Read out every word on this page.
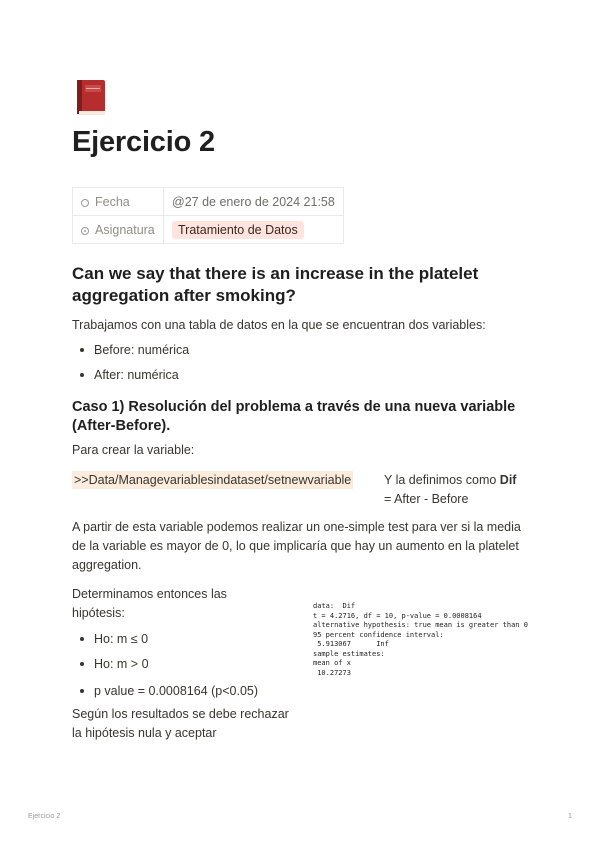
Ejercicio 2
Fecha	@27 de enero de 2024 21:58
Asignatura	Tratamiento de Datos
Can we say that there is an increase in the platelet aggregation after smoking?
Trabajamos con una tabla de datos en la que se encuentran dos variables:
Before: numérica
After: numérica
Caso 1) Resolución del problema a través de una nueva variable (After-Before).
Para crear la variable:
>>Data/Managevariablesindataset/setnewvariable	Y la definimos como Dif
= After - Before
A partir de esta variable podemos realizar un one-simple test para ver si la media de la variable es mayor de 0, lo que implicaría que hay un aumento en la platelet aggregation.
Determinamos entonces las hipótesis:
Ho: m ≤ 0
Ho: m > 0
p value = 0.0008164 (p<0.05)
Según los resultados se debe rechazar la hipótesis nula y aceptar
data:  Dif
t = 4.2716, df = 10, p-value = 0.0008164
alternative hypothesis: true mean is greater than 0
95 percent confidence interval:
5.913067      Inf
sample estimates:
mean of x
10.27273
Ejercicio 2	1
